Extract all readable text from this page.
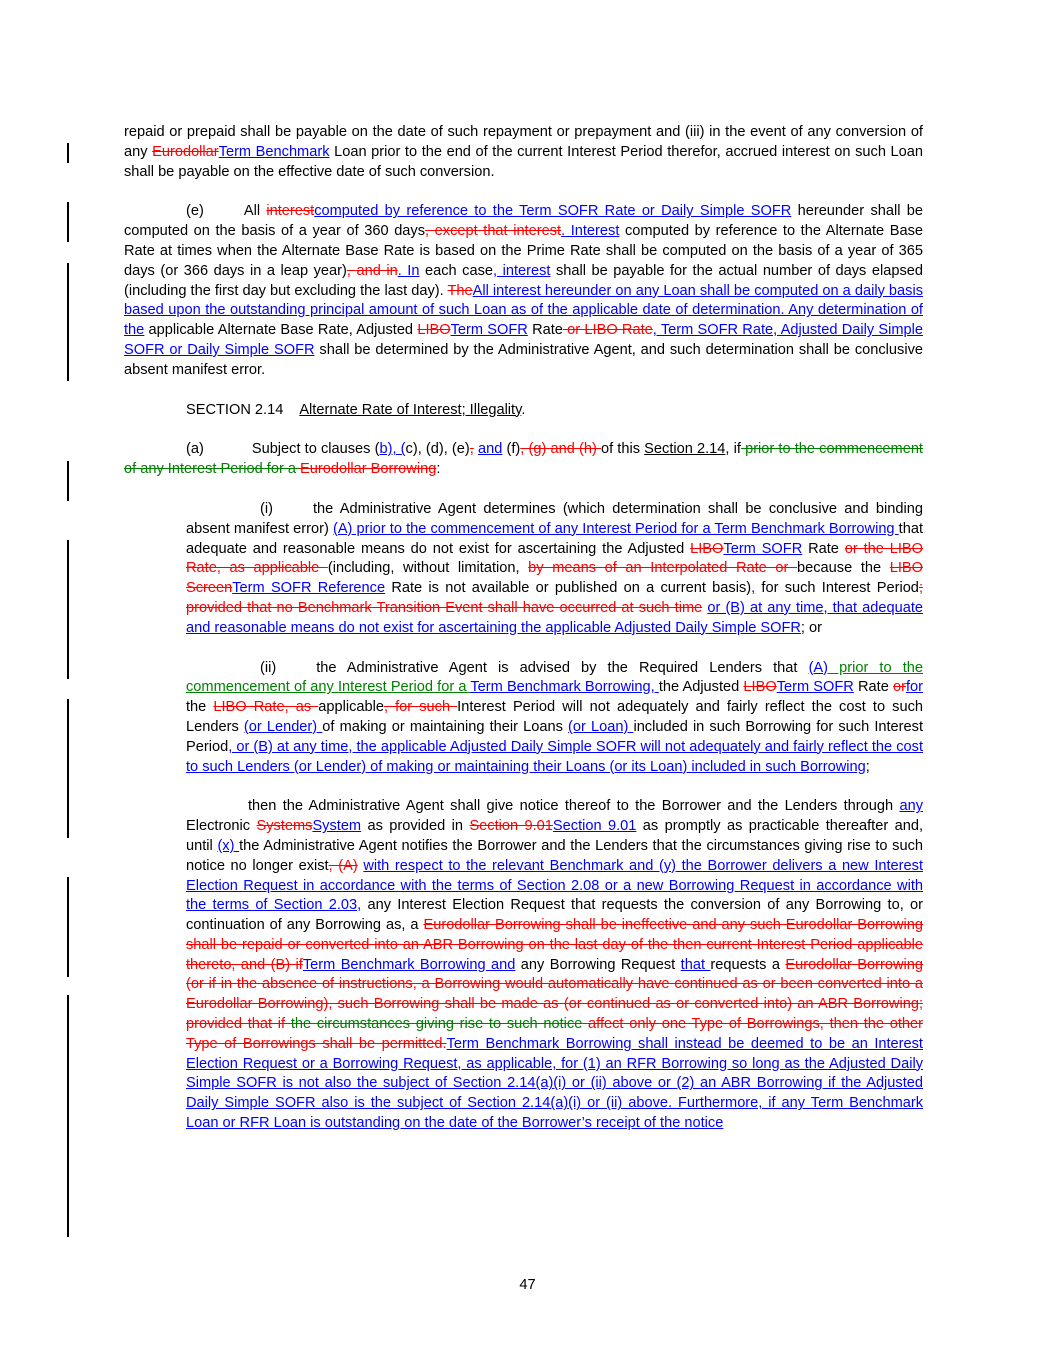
repaid or prepaid shall be payable on the date of such repayment or prepayment and (iii) in the event of any conversion of any EurodollarTerm Benchmark Loan prior to the end of the current Interest Period therefor, accrued interest on such Loan shall be payable on the effective date of such conversion.

(e)	All interestcomputed by reference to the Term SOFR Rate or Daily Simple SOFR hereunder shall be computed on the basis of a year of 360 days, except that interest. Interest computed by reference to the Alternate Base Rate at times when the Alternate Base Rate is based on the Prime Rate shall be computed on the basis of a year of 365 days (or 366 days in a leap year), and in. In each case, interest shall be payable for the actual number of days elapsed (including the first day but excluding the last day). TheAll interest hereunder on any Loan shall be computed on a daily basis based upon the outstanding principal amount of such Loan as of the applicable date of determination. Any determination of the applicable Alternate Base Rate, Adjusted LIBOTerm SOFR Rate or LIBO Rate, Term SOFR Rate, Adjusted Daily Simple SOFR or Daily Simple SOFR shall be determined by the Administrative Agent, and such determination shall be conclusive absent manifest error.

SECTION 2.14 Alternate Rate of Interest; Illegality.

(a)	Subject to clauses (b), (c), (d), (e), and (f), (g) and (h) of this Section 2.14, if prior to the commencement of any Interest Period for a Eurodollar Borrowing:

(i)	the Administrative Agent determines (which determination shall be conclusive and binding absent manifest error) (A) prior to the commencement of any Interest Period for a Term Benchmark Borrowing that adequate and reasonable means do not exist for ascertaining the Adjusted LIBOTerm SOFR Rate or the LIBO Rate, as applicable (including, without limitation, by means of an Interpolated Rate or because the LIBO ScreenTerm SOFR Reference Rate is not available or published on a current basis), for such Interest Period; provided that no Benchmark Transition Event shall have occurred at such time or (B) at any time, that adequate and reasonable means do not exist for ascertaining the applicable Adjusted Daily Simple SOFR; or

(ii)	the Administrative Agent is advised by the Required Lenders that (A) prior to the commencement of any Interest Period for a Term Benchmark Borrowing, the Adjusted LIBOTerm SOFR Rate orfor the LIBO Rate, as applicable, for such Interest Period will not adequately and fairly reflect the cost to such Lenders (or Lender) of making or maintaining their Loans (or Loan) included in such Borrowing for such Interest Period, or (B) at any time, the applicable Adjusted Daily Simple SOFR will not adequately and fairly reflect the cost to such Lenders (or Lender) of making or maintaining their Loans (or its Loan) included in such Borrowing;

then the Administrative Agent shall give notice thereof to the Borrower and the Lenders through any Electronic SystemsSystem as provided in Section 9.01Section 9.01 as promptly as practicable thereafter and, until (x) the Administrative Agent notifies the Borrower and the Lenders that the circumstances giving rise to such notice no longer exist, (A) with respect to the relevant Benchmark and (y) the Borrower delivers a new Interest Election Request in accordance with the terms of Section 2.08 or a new Borrowing Request in accordance with the terms of Section 2.03, any Interest Election Request that requests the conversion of any Borrowing to, or continuation of any Borrowing as, a Eurodollar Borrowing shall be ineffective and any such Eurodollar Borrowing shall be repaid or converted into an ABR Borrowing on the last day of the then current Interest Period applicable thereto, and (B) ifTerm Benchmark Borrowing and any Borrowing Request that requests a Eurodollar Borrowing (or if in the absence of instructions, a Borrowing would automatically have continued as or been converted into a Eurodollar Borrowing), such Borrowing shall be made as (or continued as or converted into) an ABR Borrowing; provided that if the circumstances giving rise to such notice affect only one Type of Borrowings, then the other Type of Borrowings shall be permitted.Term Benchmark Borrowing shall instead be deemed to be an Interest Election Request or a Borrowing Request, as applicable, for (1) an RFR Borrowing so long as the Adjusted Daily Simple SOFR is not also the subject of Section 2.14(a)(i) or (ii) above or (2) an ABR Borrowing if the Adjusted Daily Simple SOFR also is the subject of Section 2.14(a)(i) or (ii) above. Furthermore, if any Term Benchmark Loan or RFR Loan is outstanding on the date of the Borrower’s receipt of the notice

47
